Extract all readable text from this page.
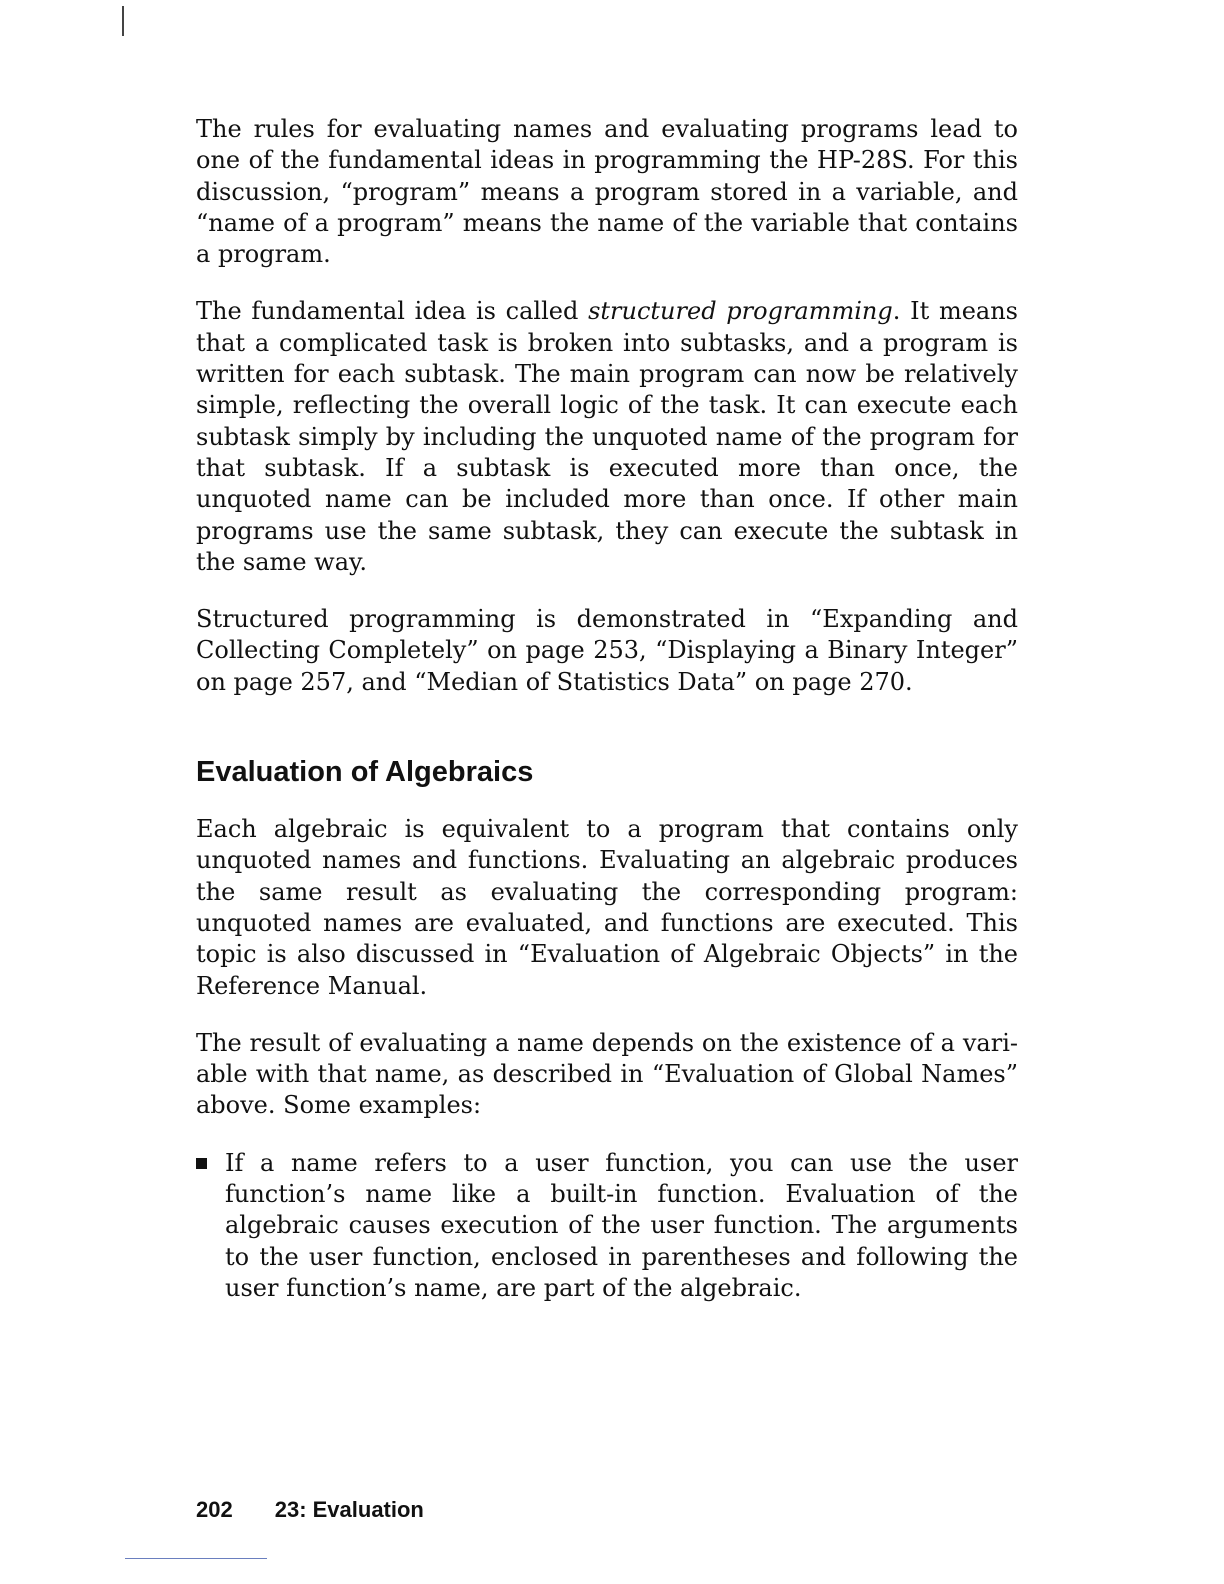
The rules for evaluating names and evaluating programs lead to one of the fundamental ideas in programming the HP-28S. For this discussion, “program” means a program stored in a variable, and “name of a program” means the name of the variable that contains a program.

The fundamental idea is called structured programming. It means that a complicated task is broken into subtasks, and a program is written for each subtask. The main program can now be relatively simple, reflecting the overall logic of the task. It can execute each subtask simply by including the unquoted name of the program for that subtask. If a subtask is executed more than once, the unquoted name can be included more than once. If other main programs use the same subtask, they can execute the subtask in the same way.

Structured programming is demonstrated in “Expanding and Collecting Completely” on page 253, “Displaying a Binary Integer” on page 257, and “Median of Statistics Data” on page 270.

Evaluation of Algebraics

Each algebraic is equivalent to a program that contains only unquoted names and functions. Evaluating an algebraic produces the same result as evaluating the corresponding program: unquoted names are evaluated, and functions are executed. This topic is also discussed in “Evaluation of Algebraic Objects” in the Reference Manual.

The result of evaluating a name depends on the existence of a variable with that name, as described in “Evaluation of Global Names” above. Some examples:

If a name refers to a user function, you can use the user function’s name like a built-in function. Evaluation of the algebraic causes execution of the user function. The arguments to the user function, enclosed in parentheses and following the user function’s name, are part of the algebraic.
202 23: Evaluation
